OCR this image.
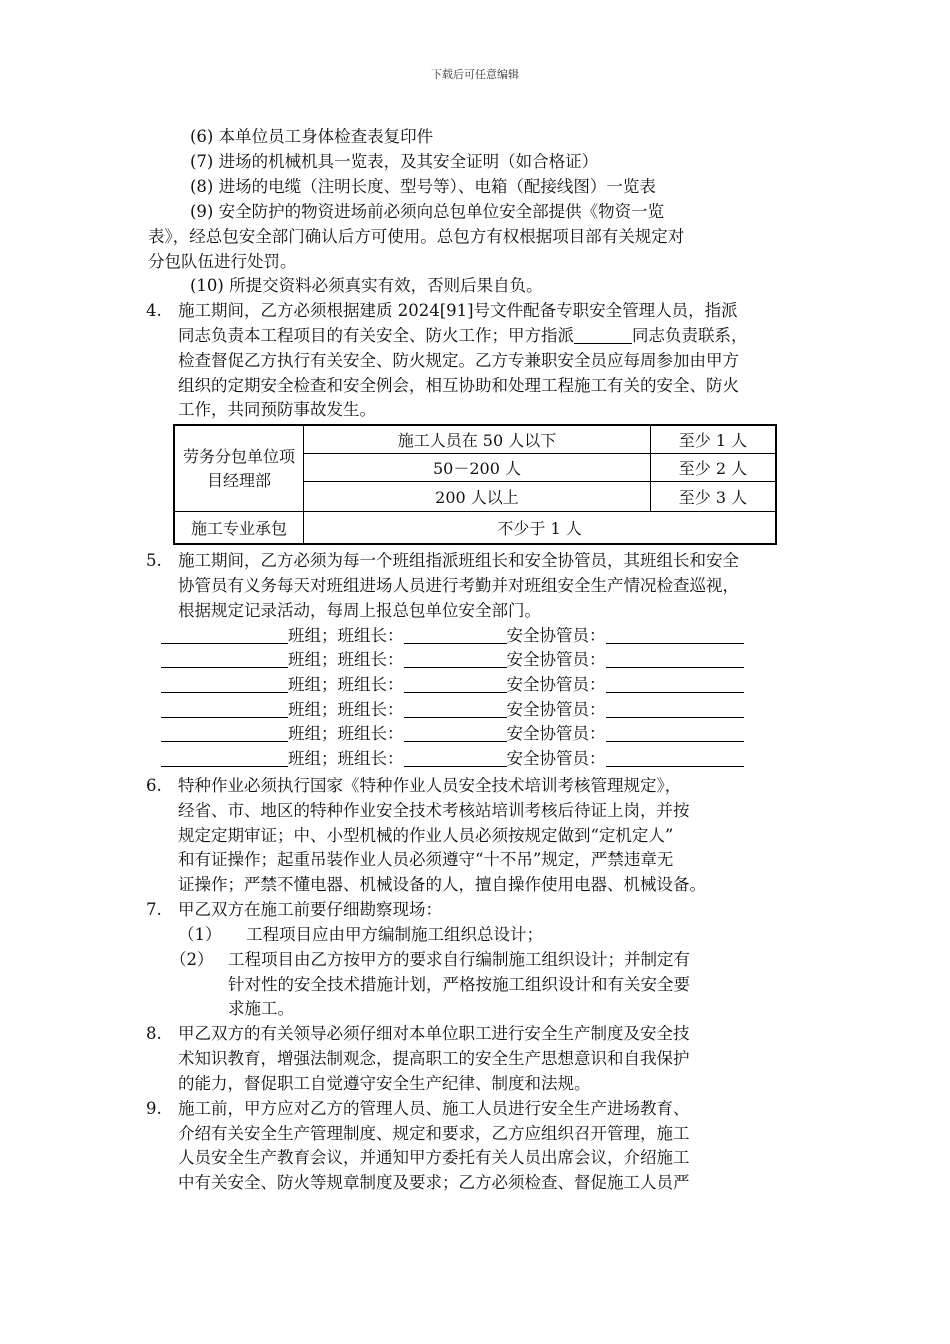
下载后可任意编辑
(6) 本单位员工身体检查表复印件
(7) 进场的机械机具一览表，及其安全证明（如合格证）
(8) 进场的电缆（注明长度、型号等）、电箱（配接线图）一览表
(9) 安全防护的物资进场前必须向总包单位安全部提供《物资一览
表》，经总包安全部门确认后方可使用。总包方有权根据项目部有关规定对
分包队伍进行处罚。
(10) 所提交资料必须真实有效，否则后果自负。
4. 施工期间，乙方必须根据建质 2024[91]号文件配备专职安全管理人员，指派
同志负责本工程项目的有关安全、防火工作；甲方指派	同志负责联系，
检查督促乙方执行有关安全、防火规定。乙方专兼职安全员应每周参加由甲方
组织的定期安全检查和安全例会，相互协助和处理工程施工有关的安全、防火
工作，共同预防事故发生。
劳务分包单位项目经理部	施工人员在 50 人以下	至少 1 人
	50－200 人	至少 2 人
	200 人以上	至少 3 人
施工专业承包	不少于 1 人	
5. 施工期间，乙方必须为每一个班组指派班组长和安全协管员，其班组长和安全
协管员有义务每天对班组进场人员进行考勤并对班组安全生产情况检查巡视，
根据规定记录活动，每周上报总包单位安全部门。
班组；班组长：	安全协管员：
班组；班组长：	安全协管员：
班组；班组长：	安全协管员：
班组；班组长：	安全协管员：
班组；班组长：	安全协管员：
班组；班组长：	安全协管员：
6. 特种作业必须执行国家《特种作业人员安全技术培训考核管理规定》，
经省、市、地区的特种作业安全技术考核站培训考核后待证上岗，并按
规定定期审证；中、小型机械的作业人员必须按规定做到“定机定人”
和有证操作；起重吊装作业人员必须遵守“十不吊”规定，严禁违章无
证操作；严禁不懂电器、机械设备的人，擅自操作使用电器、机械设备。
7. 甲乙双方在施工前要仔细勘察现场：
（1） 工程项目应由甲方编制施工组织总设计；
（2） 工程项目由乙方按甲方的要求自行编制施工组织设计；并制定有
针对性的安全技术措施计划，严格按施工组织设计和有关安全要
求施工。
8. 甲乙双方的有关领导必须仔细对本单位职工进行安全生产制度及安全技
术知识教育，增强法制观念，提高职工的安全生产思想意识和自我保护
的能力，督促职工自觉遵守安全生产纪律、制度和法规。
9. 施工前，甲方应对乙方的管理人员、施工人员进行安全生产进场教育、
介绍有关安全生产管理制度、规定和要求，乙方应组织召开管理，施工
人员安全生产教育会议，并通知甲方委托有关人员出席会议，介绍施工
中有关安全、防火等规章制度及要求；乙方必须检查、督促施工人员严
